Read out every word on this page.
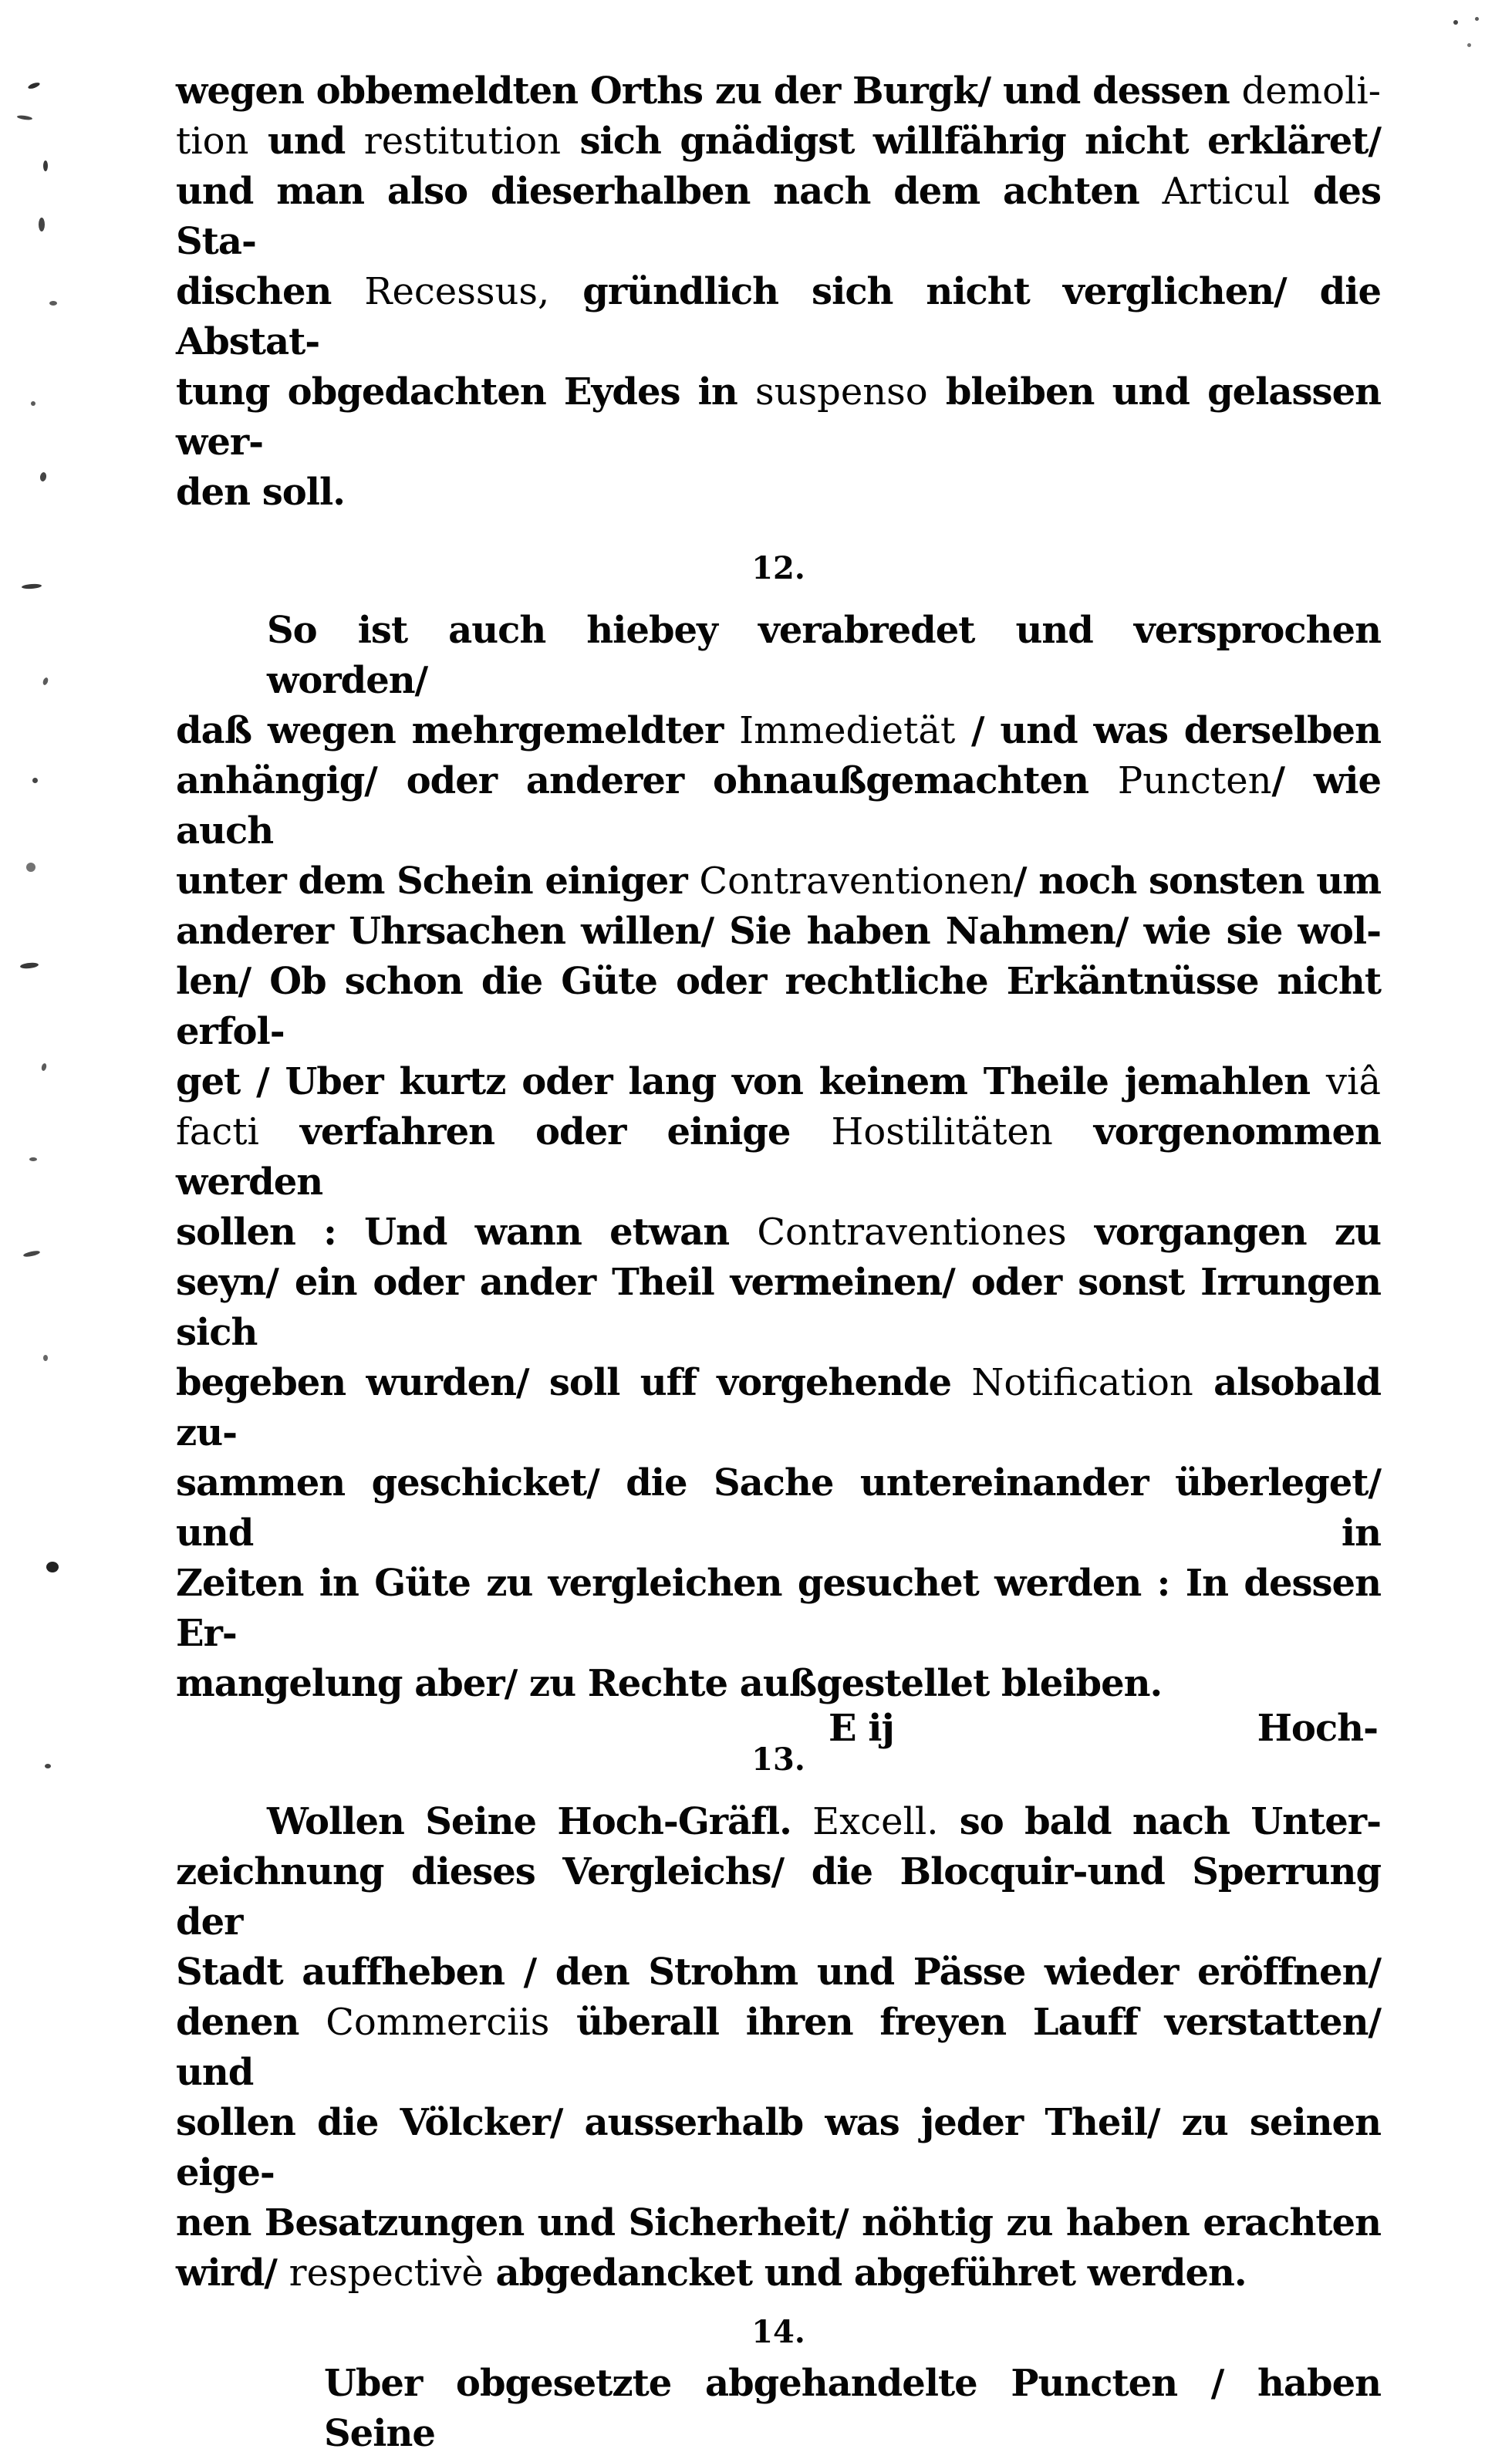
wegen obbemeldten Orths zu der Burgk/ und dessen demoli-
tion und restitution sich gnädigst willfährig nicht erkläret/
und man also dieserhalben nach dem achten Articul des Sta-
dischen Recessus, gründlich sich nicht verglichen/ die Abstat-
tung obgedachten Eydes in suspenso bleiben und gelassen wer-
den soll.
12.
So ist auch hiebey verabredet und versprochen worden/
daß wegen mehrgemeldter Immedietät / und was derselben
anhängig/ oder anderer ohnaußgemachten Puncten/ wie auch
unter dem Schein einiger Contraventionen/ noch sonsten um
anderer Uhrsachen willen/ Sie haben Nahmen/ wie sie wol-
len/ Ob schon die Güte oder rechtliche Erkäntnüsse nicht erfol-
get / Uber kurtz oder lang von keinem Theile jemahlen viâ
facti verfahren oder einige Hostilitäten vorgenommen werden
sollen : Und wann etwan Contraventiones vorgangen zu
seyn/ ein oder ander Theil vermeinen/ oder sonst Irrungen sich
begeben wurden/ soll uff vorgehende Notification alsobald zu-
sammen geschicket/ die Sache untereinander überleget/ und in
Zeiten in Güte zu vergleichen gesuchet werden : In dessen Er-
mangelung aber/ zu Rechte außgestellet bleiben.
13.
Wollen Seine Hoch-Gräfl. Excell. so bald nach Unter-
zeichnung dieses Vergleichs/ die Blocquir-und Sperrung der
Stadt auffheben / den Strohm und Pässe wieder eröffnen/
denen Commerciis überall ihren freyen Lauff verstatten/ und
sollen die Völcker/ ausserhalb was jeder Theil/ zu seinen eige-
nen Besatzungen und Sicherheit/ nöhtig zu haben erachten
wird/ respectivè abgedancket und abgeführet werden.
14.
Uber obgesetzte abgehandelte Puncten / haben Seine
E ij	Hoch-
